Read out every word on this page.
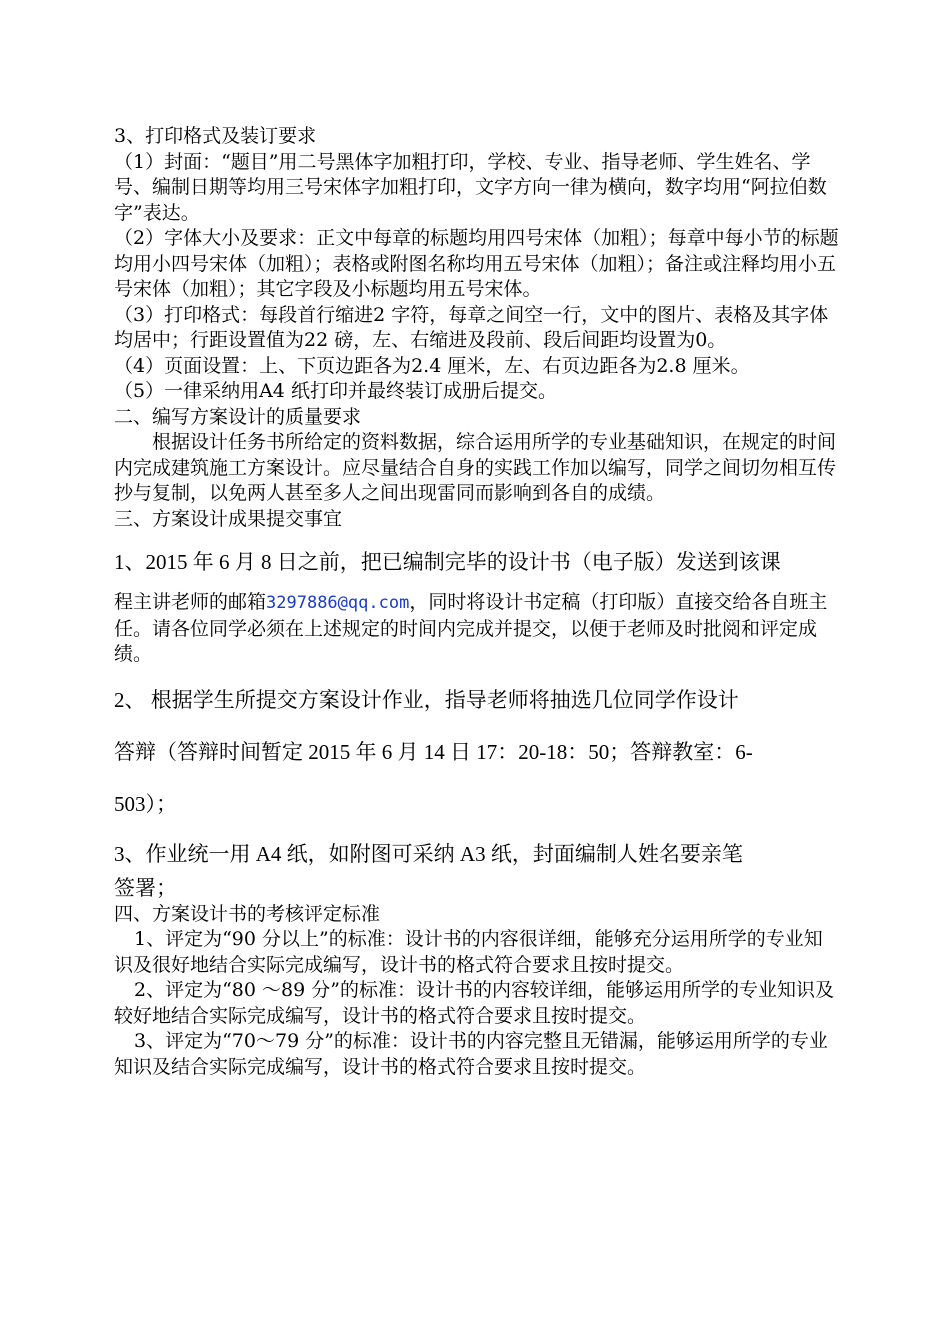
3、打印格式及装订要求

（1）封面：“题目”用二号黑体字加粗打印，学校、专业、指导老师、学生姓名、学号、编制日期等均用三号宋体字加粗打印，文字方向一律为横向，数字均用“阿拉伯数字”表达。

（2）字体大小及要求：正文中每章的标题均用四号宋体（加粗）；每章中每小节的标题均用小四号宋体（加粗）；表格或附图名称均用五号宋体（加粗）；备注或注释均用小五号宋体（加粗）；其它字段及小标题均用五号宋体。

（3）打印格式：每段首行缩进2 字符，每章之间空一行，文中的图片、表格及其字体均居中；行距设置值为22 磅，左、右缩进及段前、段后间距均设置为0。

（4）页面设置：上、下页边距各为2.4 厘米，左、右页边距各为2.8 厘米。

（5）一律采纳用A4 纸打印并最终装订成册后提交。

二、编写方案设计的质量要求

根据设计任务书所给定的资料数据，综合运用所学的专业基础知识，在规定的时间内完成建筑施工方案设计。应尽量结合自身的实践工作加以编写，同学之间切勿相互传抄与复制，以免两人甚至多人之间出现雷同而影响到各自的成绩。

三、方案设计成果提交事宜

1、2015 年 6 月 8 日之前，把已编制完毕的设计书（电子版）发送到该课

程主讲老师的邮箱3297886@qq.com，同时将设计书定稿（打印版）直接交给各自班主任。请各位同学必须在上述规定的时间内完成并提交，以便于老师及时批阅和评定成绩。

2、 根据学生所提交方案设计作业，指导老师将抽选几位同学作设计

答辩（答辩时间暂定 2015 年 6 月 14 日 17：20-18：50；答辩教室：6-

503）；

3、作业统一用 A4 纸，如附图可采纳 A3 纸，封面编制人姓名要亲笔

签署；

四、方案设计书的考核评定标准

1、评定为“90 分以上”的标准：设计书的内容很详细，能够充分运用所学的专业知识及很好地结合实际完成编写，设计书的格式符合要求且按时提交。

2、评定为“80 ～89 分”的标准：设计书的内容较详细，能够运用所学的专业知识及较好地结合实际完成编写，设计书的格式符合要求且按时提交。

3、评定为“70～79 分”的标准：设计书的内容完整且无错漏，能够运用所学的专业知识及结合实际完成编写，设计书的格式符合要求且按时提交。
